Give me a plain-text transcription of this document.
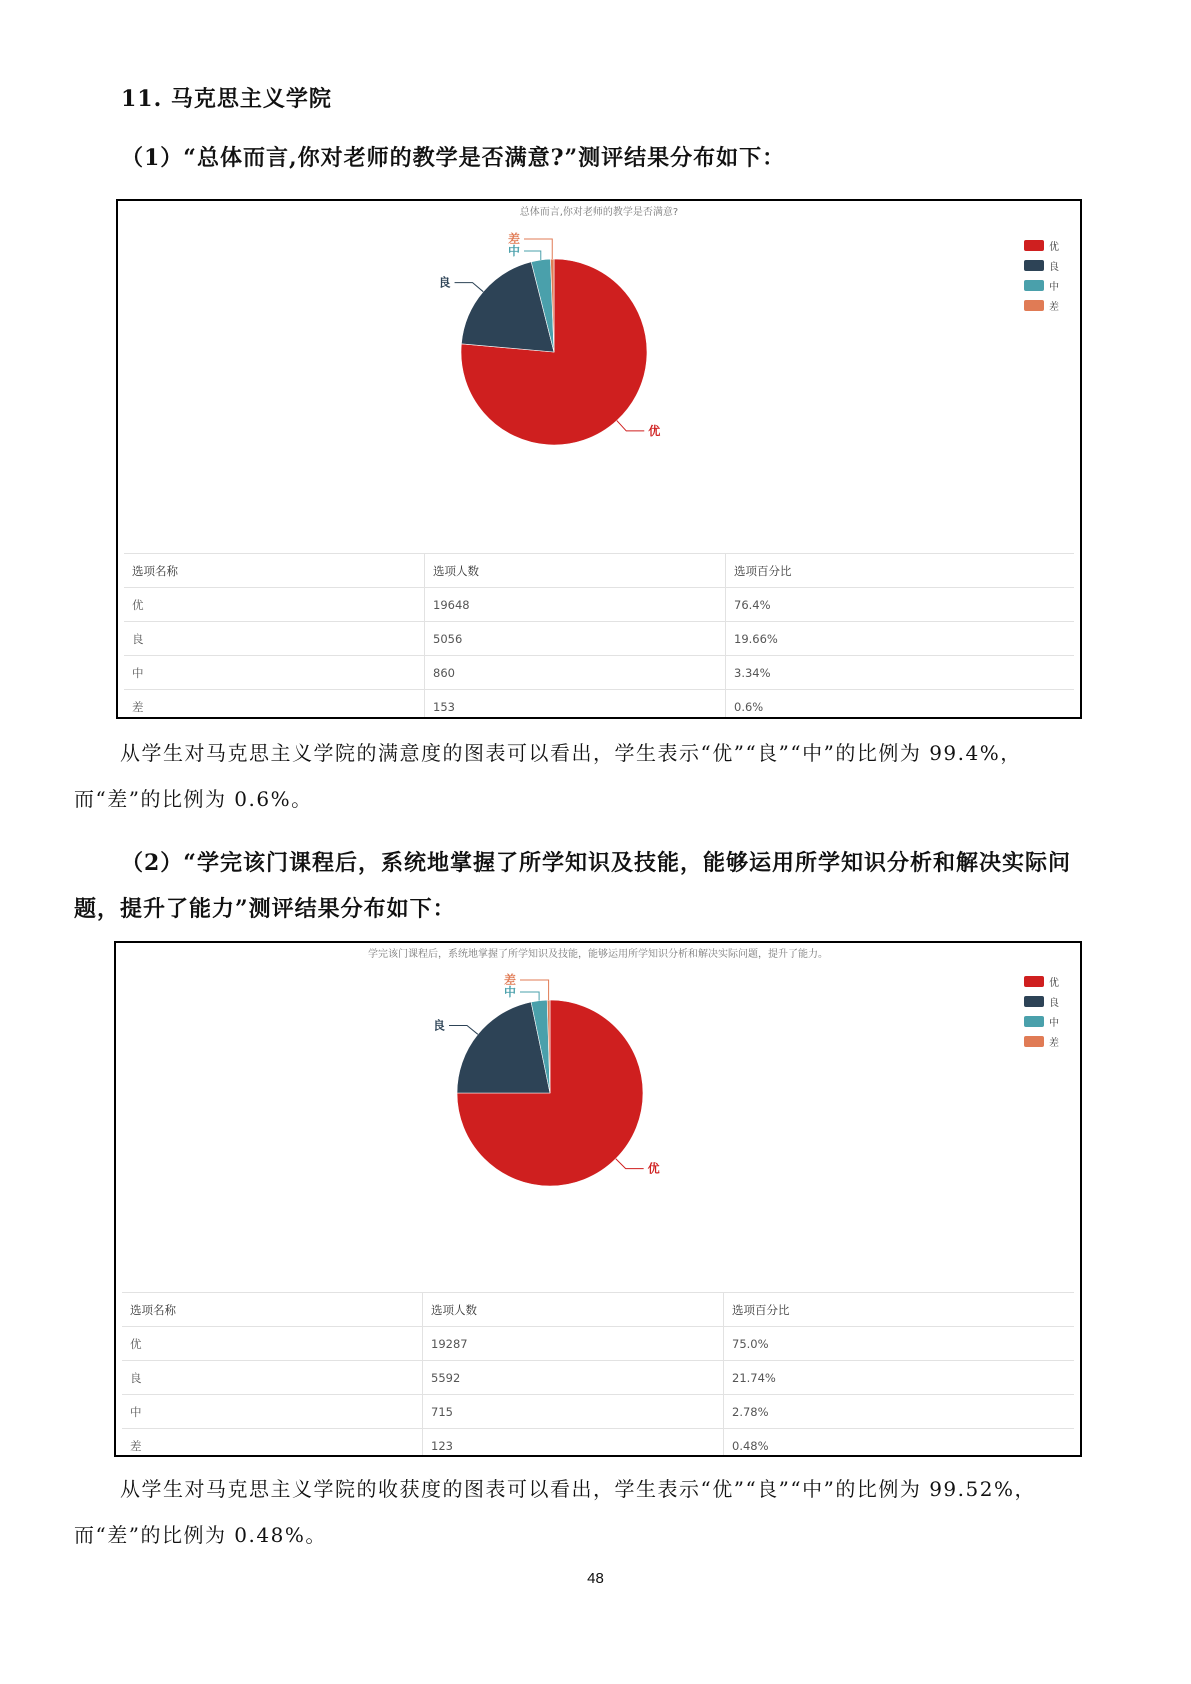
11. 马克思主义学院
（1）“总体而言,你对老师的教学是否满意?”测评结果分布如下：
总体而言,你对老师的教学是否满意?
优
良
中
差
优
良
中
差
选项名称	选项人数	选项百分比
优	19648	76.4%
良	5056	19.66%
中	860	3.34%
差	153	0.6%
从学生对马克思主义学院的满意度的图表可以看出，学生表示“优”“良”“中”的比例为 99.4%，
而“差”的比例为 0.6%。
（2）“学完该门课程后，系统地掌握了所学知识及技能，能够运用所学知识分析和解决实际问
题，提升了能力”测评结果分布如下：
学完该门课程后，系统地掌握了所学知识及技能，能够运用所学知识分析和解决实际问题，提升了能力。
优
良
中
差	优
良
中
差
选项名称	选项人数	选项百分比
优	19287	75.0%
良	5592	21.74%
中	715	2.78%
差	123	0.48%
从学生对马克思主义学院的收获度的图表可以看出，学生表示“优”“良”“中”的比例为 99.52%，
而“差”的比例为 0.48%。
48
